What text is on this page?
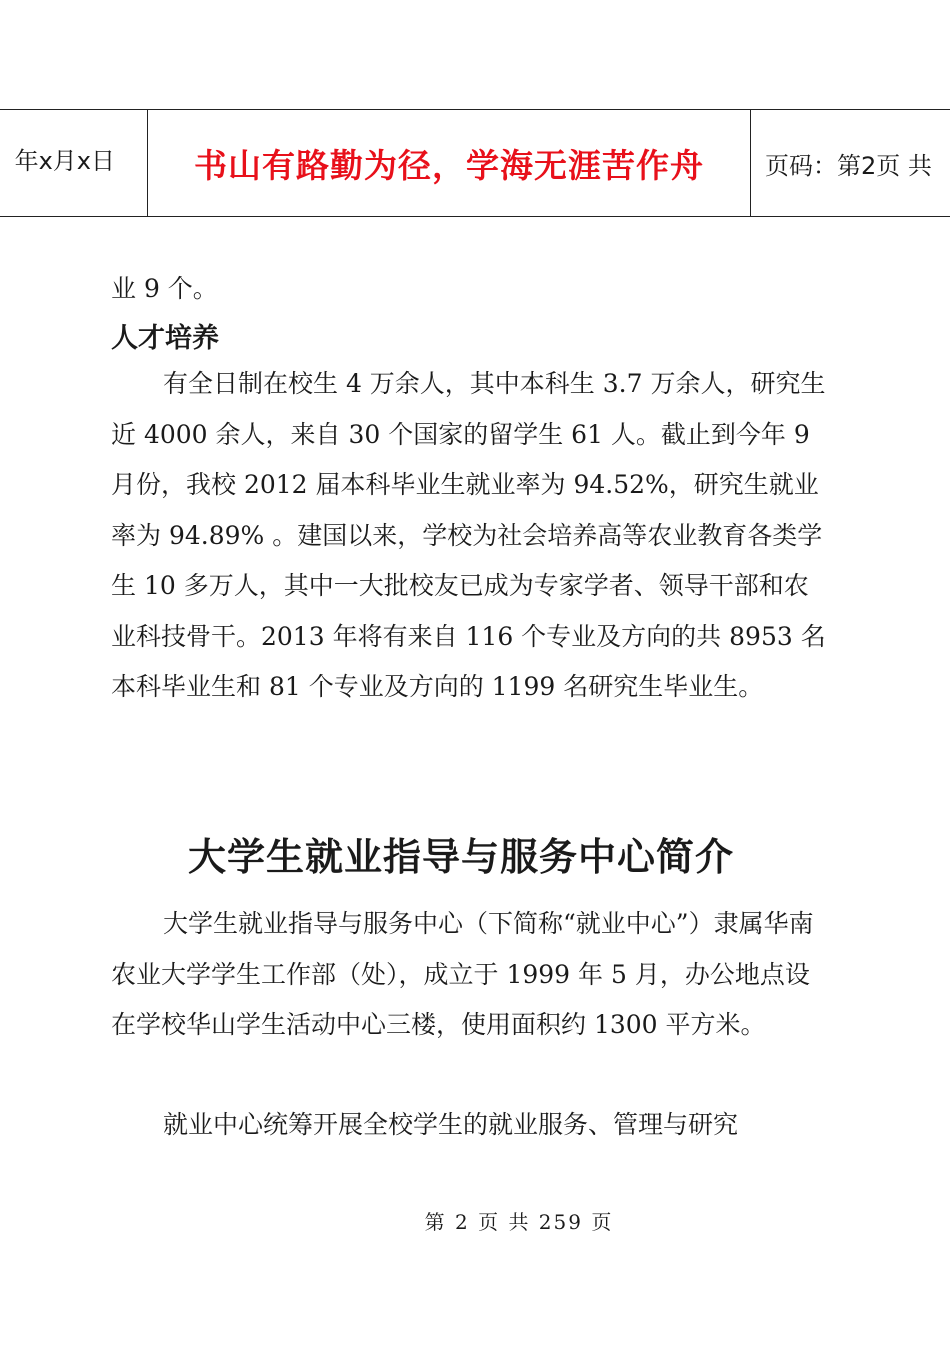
年x月x日	书山有路勤为径，学海无涯苦作舟	页码：第2页 共

业 9 个。

人才培养

有全日制在校生 4 万余人，其中本科生 3.7 万余人，研究生近 4000 余人，来自 30 个国家的留学生 61 人。截止到今年 9 月份，我校 2012 届本科毕业生就业率为 94.52%，研究生就业率为 94.89% 。建国以来，学校为社会培养高等农业教育各类学生 10 多万人，其中一大批校友已成为专家学者、领导干部和农业科技骨干。2013 年将有来自 116 个专业及方向的共 8953 名本科毕业生和 81 个专业及方向的 1199 名研究生毕业生。

大学生就业指导与服务中心简介

大学生就业指导与服务中心（下简称“就业中心”）隶属华南农业大学学生工作部（处），成立于 1999 年 5 月，办公地点设在学校华山学生活动中心三楼，使用面积约 1300 平方米。

就业中心统筹开展全校学生的就业服务、管理与研究

第 2 页 共 259 页
